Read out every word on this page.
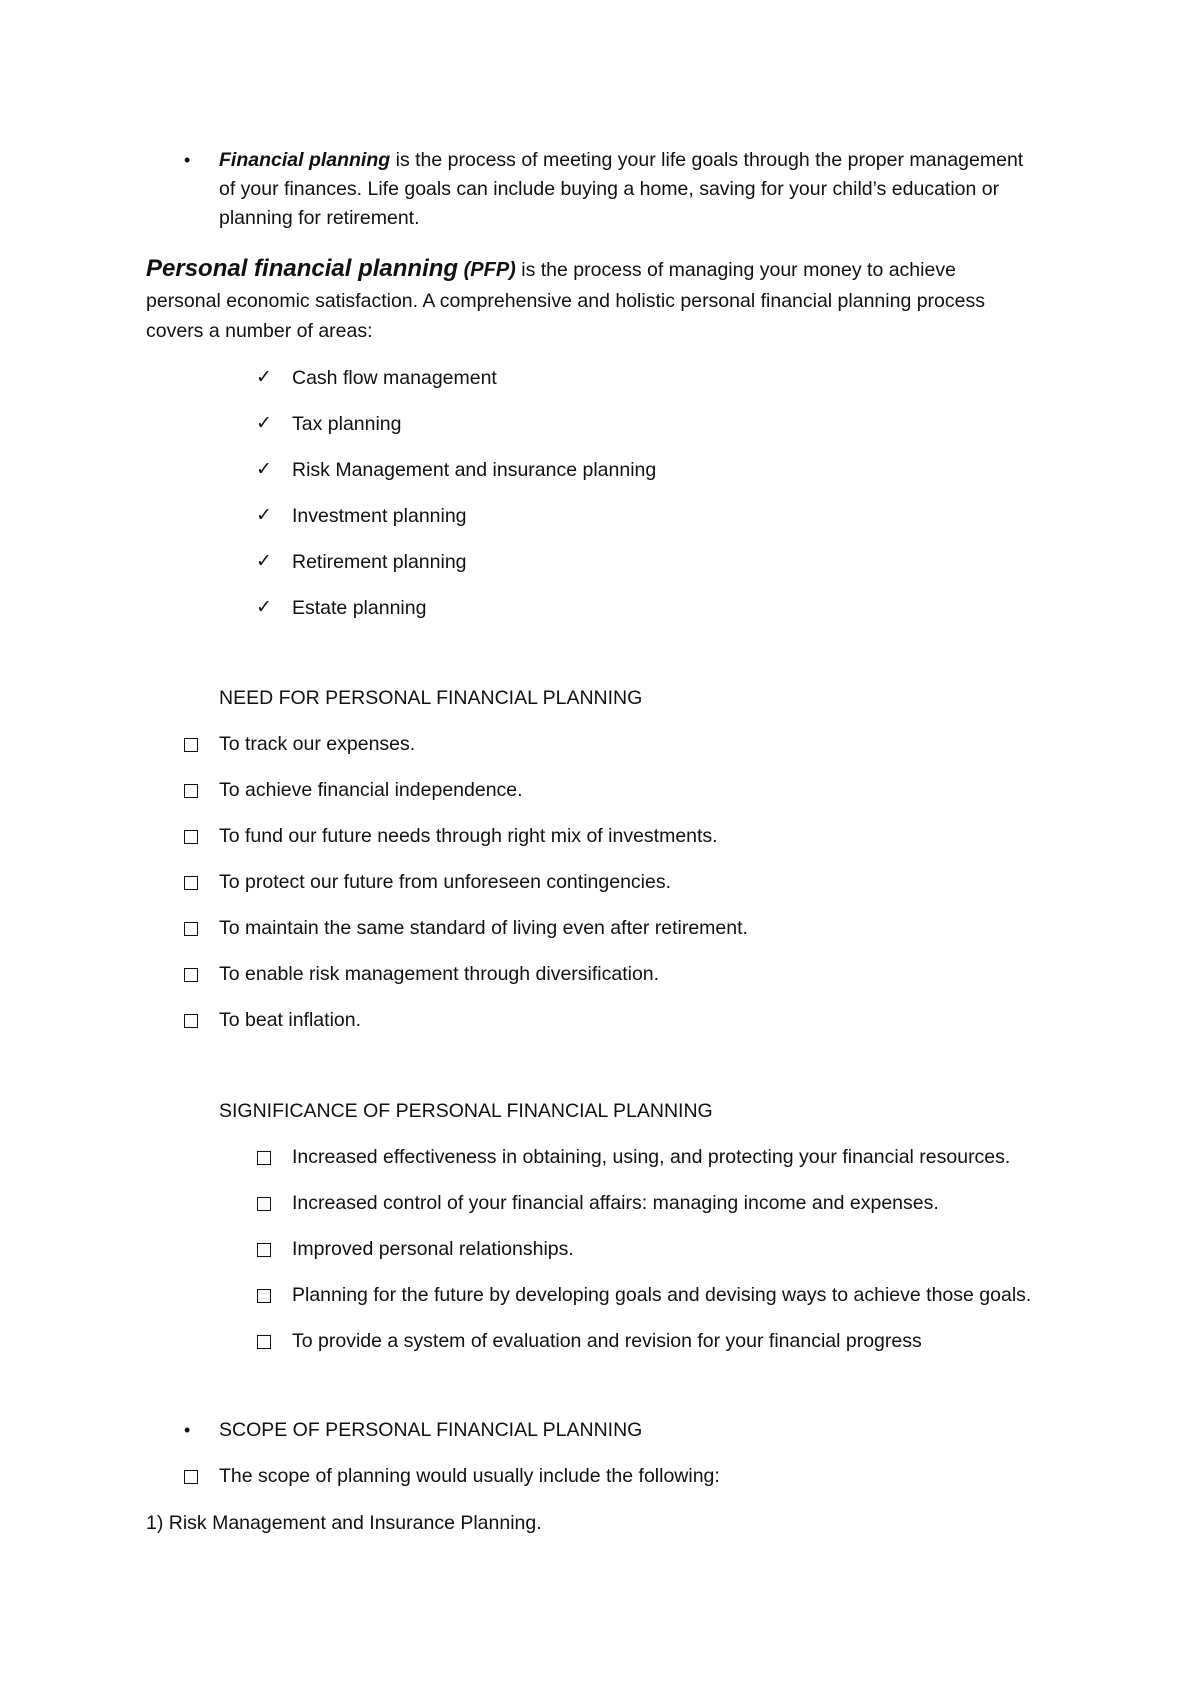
• Financial planning is the process of meeting your life goals through the proper management
of your finances. Life goals can include buying a home, saving for your child’s education or
planning for retirement.
Personal financial planning (PFP) is the process of managing your money to achieve
personal economic satisfaction. A comprehensive and holistic personal financial planning process
covers a number of areas:
✓ Cash flow management
✓ Tax planning
✓ Risk Management and insurance planning
✓ Investment planning
✓ Retirement planning
✓ Estate planning
NEED FOR PERSONAL FINANCIAL PLANNING
To track our expenses.
To achieve financial independence.
To fund our future needs through right mix of investments.
To protect our future from unforeseen contingencies.
To maintain the same standard of living even after retirement.
To enable risk management through diversification.
To beat inflation.
SIGNIFICANCE OF PERSONAL FINANCIAL PLANNING
Increased effectiveness in obtaining, using, and protecting your financial resources.
Increased control of your financial affairs: managing income and expenses.
Improved personal relationships.
Planning for the future by developing goals and devising ways to achieve those goals.
To provide a system of evaluation and revision for your financial progress
• SCOPE OF PERSONAL FINANCIAL PLANNING
The scope of planning would usually include the following:
1) Risk Management and Insurance Planning.
